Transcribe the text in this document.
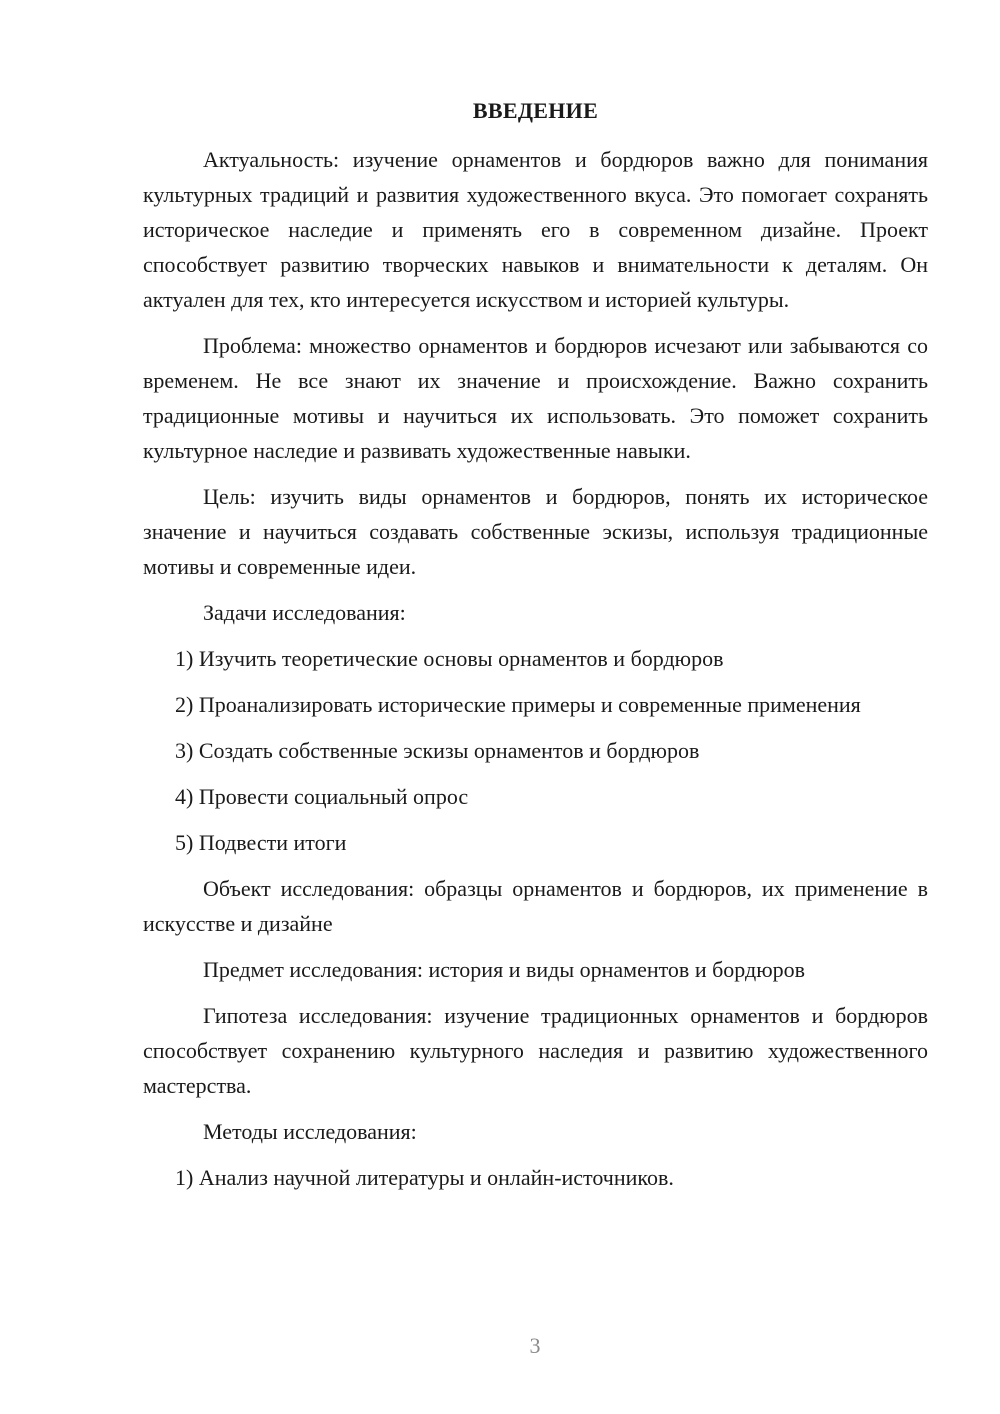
ВВЕДЕНИЕ

Актуальность: изучение орнаментов и бордюров важно для понимания культурных традиций и развития художественного вкуса. Это помогает сохранять историческое наследие и применять его в современном дизайне. Проект способствует развитию творческих навыков и внимательности к деталям. Он актуален для тех, кто интересуется искусством и историей культуры.

Проблема: множество орнаментов и бордюров исчезают или забываются со временем. Не все знают их значение и происхождение. Важно сохранить традиционные мотивы и научиться их использовать. Это поможет сохранить культурное наследие и развивать художественные навыки.

Цель: изучить виды орнаментов и бордюров, понять их историческое значение и научиться создавать собственные эскизы, используя традиционные мотивы и современные идеи.

Задачи исследования:

1) Изучить теоретические основы орнаментов и бордюров

2) Проанализировать исторические примеры и современные применения

3) Создать собственные эскизы орнаментов и бордюров

4) Провести социальный опрос

5) Подвести итоги

Объект исследования: образцы орнаментов и бордюров, их применение в искусстве и дизайне

Предмет исследования: история и виды орнаментов и бордюров

Гипотеза исследования: изучение традиционных орнаментов и бордюров способствует сохранению культурного наследия и развитию художественного мастерства.

Методы исследования:

1) Анализ научной литературы и онлайн-источников.

3
